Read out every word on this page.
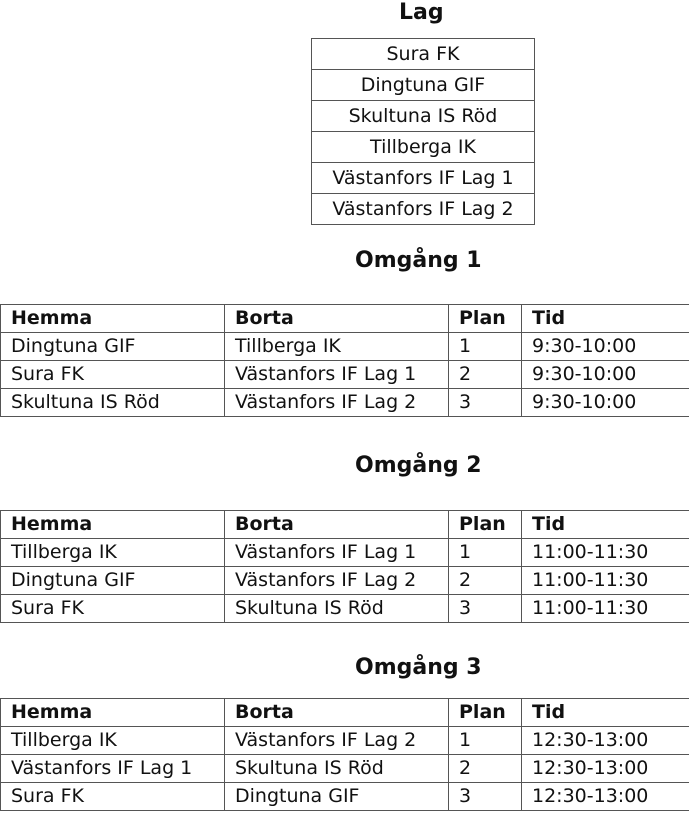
Lag
Sura FK
Dingtuna GIF
Skultuna IS Röd
Tillberga IK
Västanfors IF Lag 1
Västanfors IF Lag 2
Omgång 1
Hemma	Borta	Plan	Tid
Dingtuna GIF	Tillberga IK	1	9:30-10:00
Sura FK	Västanfors IF Lag 1	2	9:30-10:00
Skultuna IS Röd	Västanfors IF Lag 2	3	9:30-10:00
Omgång 2
Hemma	Borta	Plan	Tid
Tillberga IK	Västanfors IF Lag 1	1	11:00-11:30
Dingtuna GIF	Västanfors IF Lag 2	2	11:00-11:30
Sura FK	Skultuna IS Röd	3	11:00-11:30
Omgång 3
Hemma	Borta	Plan	Tid
Tillberga IK	Västanfors IF Lag 2	1	12:30-13:00
Västanfors IF Lag 1	Skultuna IS Röd	2	12:30-13:00
Sura FK	Dingtuna GIF	3	12:30-13:00
